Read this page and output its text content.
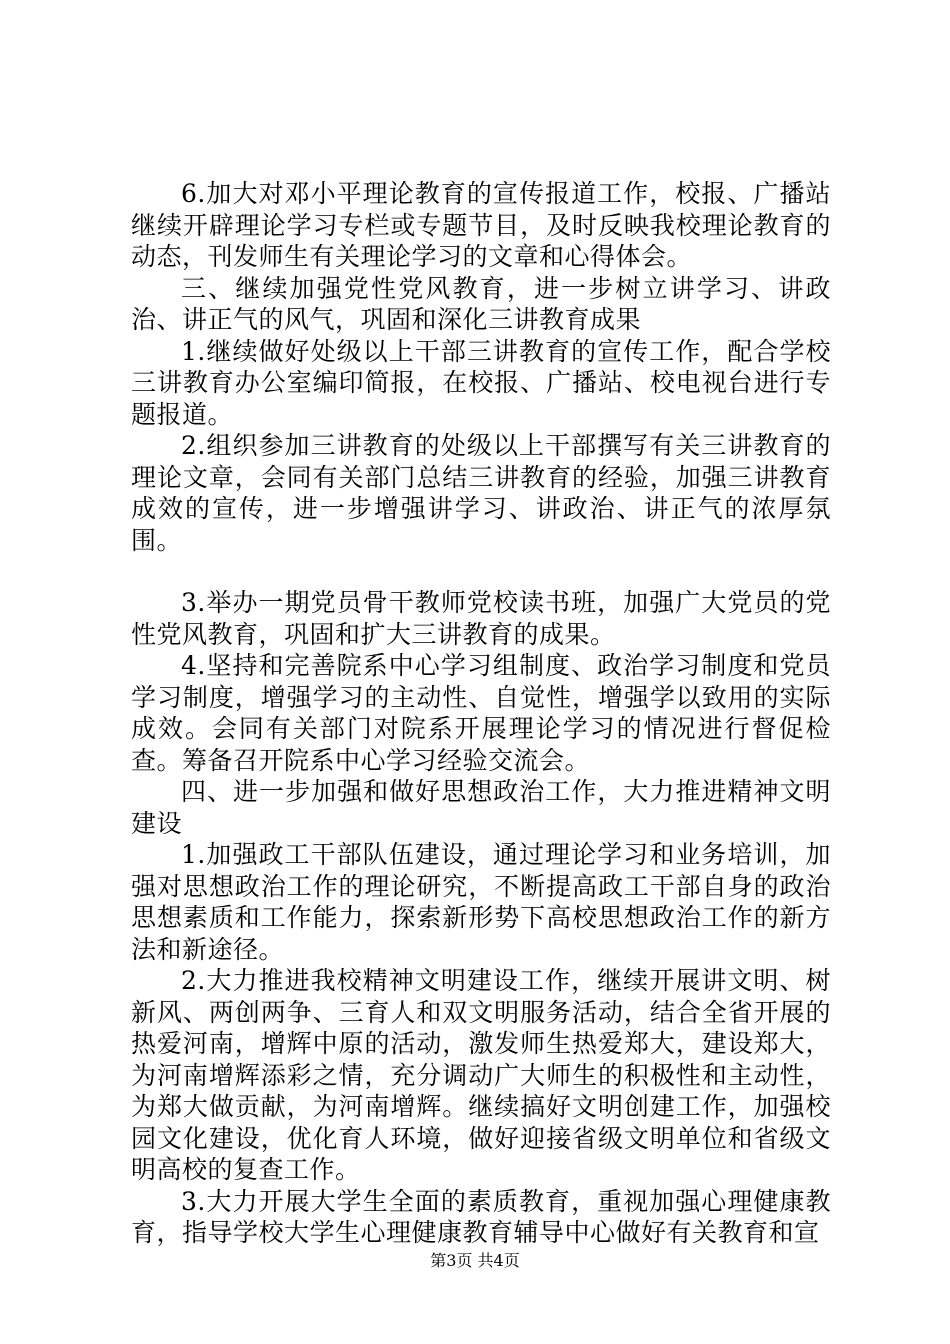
6.加大对邓小平理论教育的宣传报道工作，校报、广播站继续开辟理论学习专栏或专题节目，及时反映我校理论教育的动态，刊发师生有关理论学习的文章和心得体会。

三、继续加强党性党风教育，进一步树立讲学习、讲政治、讲正气的风气，巩固和深化三讲教育成果

1.继续做好处级以上干部三讲教育的宣传工作，配合学校三讲教育办公室编印简报，在校报、广播站、校电视台进行专题报道。

2.组织参加三讲教育的处级以上干部撰写有关三讲教育的理论文章，会同有关部门总结三讲教育的经验，加强三讲教育成效的宣传，进一步增强讲学习、讲政治、讲正气的浓厚氛围。

3.举办一期党员骨干教师党校读书班，加强广大党员的党性党风教育，巩固和扩大三讲教育的成果。

4.坚持和完善院系中心学习组制度、政治学习制度和党员学习制度，增强学习的主动性、自觉性，增强学以致用的实际成效。会同有关部门对院系开展理论学习的情况进行督促检查。筹备召开院系中心学习经验交流会。

四、进一步加强和做好思想政治工作，大力推进精神文明建设

1.加强政工干部队伍建设，通过理论学习和业务培训，加强对思想政治工作的理论研究，不断提高政工干部自身的政治思想素质和工作能力，探索新形势下高校思想政治工作的新方法和新途径。

2.大力推进我校精神文明建设工作，继续开展讲文明、树新风、两创两争、三育人和双文明服务活动，结合全省开展的热爱河南，增辉中原的活动，激发师生热爱郑大，建设郑大，为河南增辉添彩之情，充分调动广大师生的积极性和主动性，为郑大做贡献，为河南增辉。继续搞好文明创建工作，加强校园文化建设，优化育人环境，做好迎接省级文明单位和省级文明高校的复查工作。

3.大力开展大学生全面的素质教育，重视加强心理健康教育，指导学校大学生心理健康教育辅导中心做好有关教育和宣

第3页 共4页
